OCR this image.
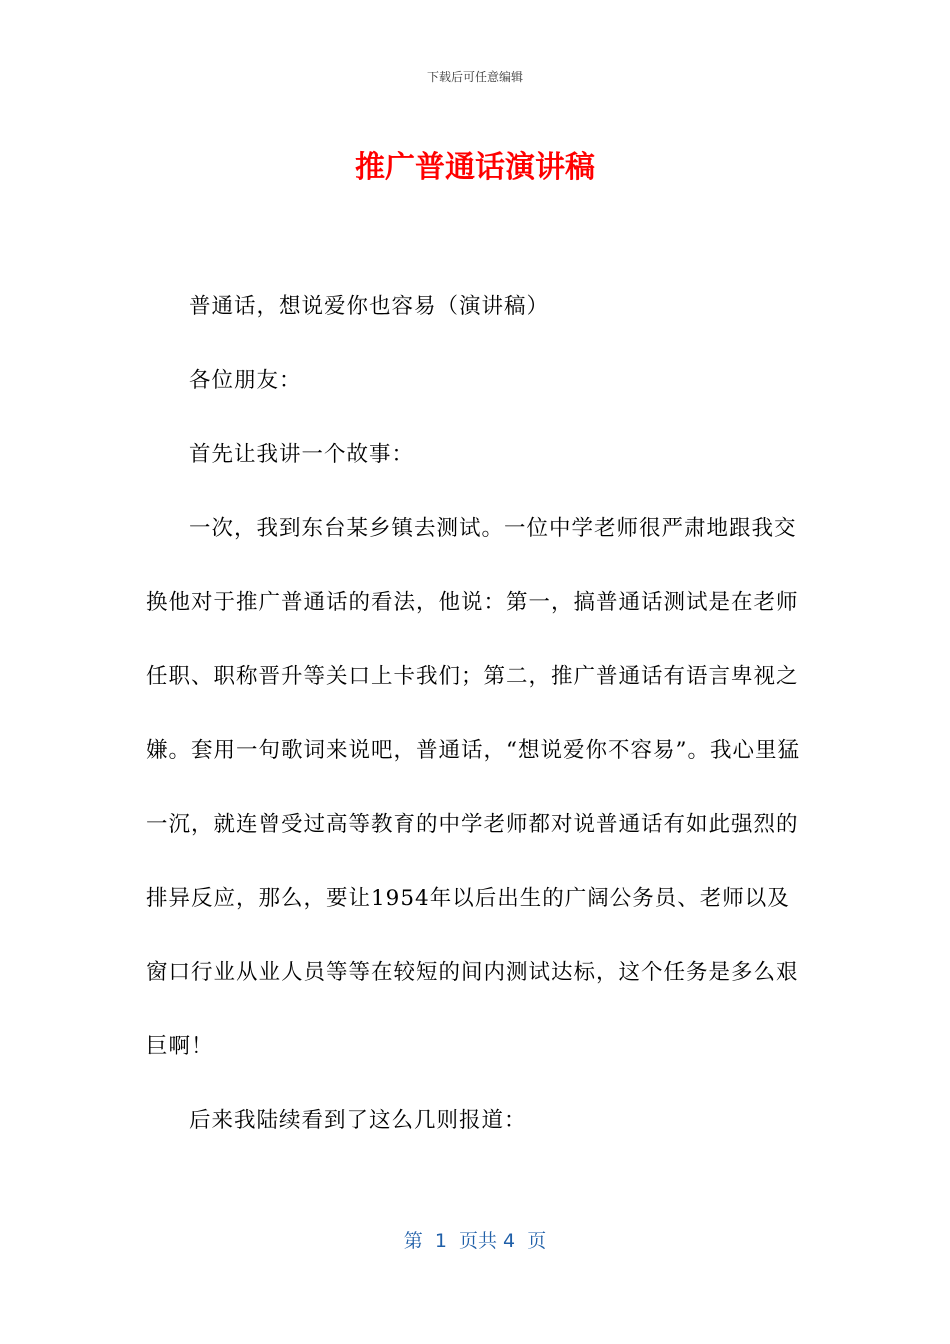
下载后可任意编辑
推广普通话演讲稿

普通话，想说爱你也容易（演讲稿）

各位朋友：

首先让我讲一个故事：

一次，我到东台某乡镇去测试。一位中学老师很严肃地跟我交换他对于推广普通话的看法，他说：第一，搞普通话测试是在老师任职、职称晋升等关口上卡我们；第二，推广普通话有语言卑视之嫌。套用一句歌词来说吧，普通话，“想说爱你不容易”。我心里猛一沉，就连曾受过高等教育的中学老师都对说普通话有如此强烈的排异反应，那么，要让1954年以后出生的广阔公务员、老师以及窗口行业从业人员等等在较短的间内测试达标，这个任务是多么艰巨啊！

后来我陆续看到了这么几则报道：

第  1  页共 4  页
